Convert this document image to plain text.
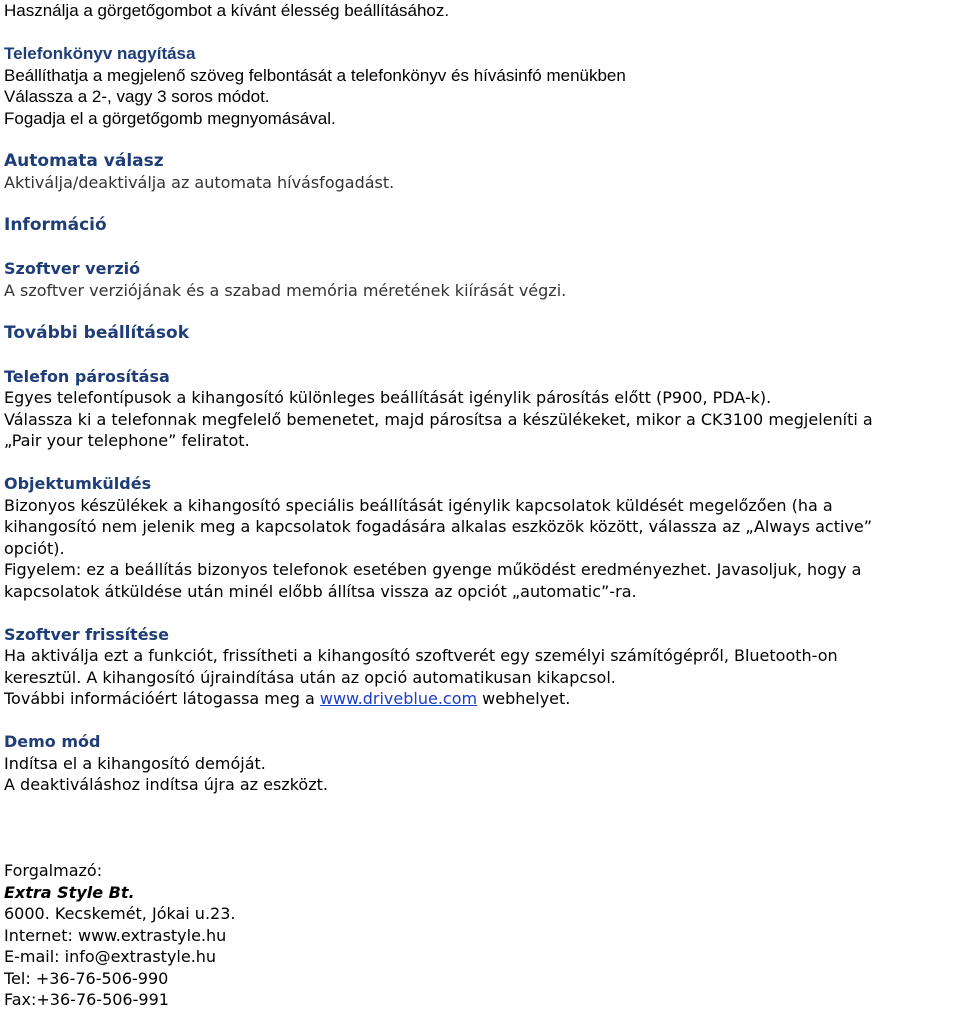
Használja a görgetőgombot a kívánt élesség beállításához.
Telefonkönyv nagyítása
Beállíthatja a megjelenő szöveg felbontását a telefonkönyv és hívásinfó menükben
Válassza a 2-, vagy 3 soros módot.
Fogadja el a görgetőgomb megnyomásával.
Automata válasz
Aktiválja/deaktiválja az automata hívásfogadást.
Információ
Szoftver verzió
A szoftver verziójának és a szabad memória méretének kiírását végzi.
További beállítások
Telefon párosítása
Egyes telefontípusok a kihangosító különleges beállítását igénylik párosítás előtt (P900, PDA-k).
Válassza ki a telefonnak megfelelő bemenetet, majd párosítsa a készülékeket, mikor a CK3100 megjeleníti a
„Pair your telephone” feliratot.
Objektumküldés
Bizonyos készülékek a kihangosító speciális beállítását igénylik kapcsolatok küldését megelőzően (ha a
kihangosító nem jelenik meg a kapcsolatok fogadására alkalas eszközök között, válassza az „Always active”
opciót).
Figyelem: ez a beállítás bizonyos telefonok esetében gyenge működést eredményezhet. Javasoljuk, hogy a
kapcsolatok átküldése után minél előbb állítsa vissza az opciót „automatic”-ra.
Szoftver frissítése
Ha aktiválja ezt a funkciót, frissítheti a kihangosító szoftverét egy személyi számítógépről, Bluetooth-on
keresztül. A kihangosító újraindítása után az opció automatikusan kikapcsol.
További információért látogassa meg a www.driveblue.com webhelyet.
Demo mód
Indítsa el a kihangosító demóját.
A deaktiváláshoz indítsa újra az eszközt.
Forgalmazó:
Extra Style Bt.
6000. Kecskemét, Jókai u.23.
Internet: www.extrastyle.hu
E-mail: info@extrastyle.hu
Tel: +36-76-506-990
Fax:+36-76-506-991
